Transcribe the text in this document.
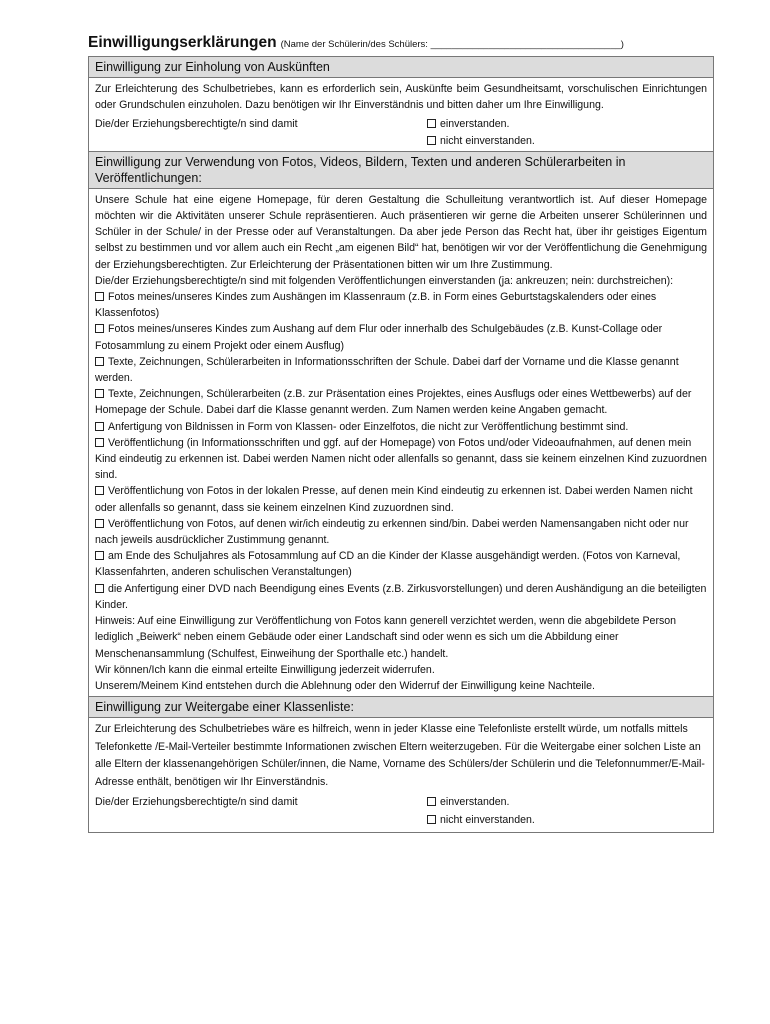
Einwilligungserklärungen (Name der Schülerin/des Schülers: ____________________________________)
Einwilligung zur Einholung von Auskünften

Zur Erleichterung des Schulbetriebes, kann es erforderlich sein, Auskünfte beim Gesundheitsamt, vorschulischen Einrichtungen oder Grundschulen einzuholen. Dazu benötigen wir Ihr Einverständnis und bitten daher um Ihre Einwilligung.

Die/der Erziehungsberechtigte/n sind damit	einverstanden.
nicht einverstanden.
Einwilligung zur Verwendung von Fotos, Videos, Bildern, Texten und anderen Schülerarbeiten in Veröffentlichungen:

Unsere Schule hat eine eigene Homepage, für deren Gestaltung die Schulleitung verantwortlich ist. Auf dieser Homepage möchten wir die Aktivitäten unserer Schule repräsentieren. Auch präsentieren wir gerne die Arbeiten unserer Schülerinnen und Schüler in der Schule/ in der Presse oder auf Veranstaltungen. Da aber jede Person das Recht hat, über ihr geistiges Eigentum selbst zu bestimmen und vor allem auch ein Recht „am eigenen Bild“ hat, benötigen wir vor der Veröffentlichung die Genehmigung der Erziehungsberechtigten. Zur Erleichterung der Präsentationen bitten wir um Ihre Zustimmung.

Die/der Erziehungsberechtigte/n sind mit folgenden Veröffentlichungen einverstanden (ja: ankreuzen; nein: durchstreichen):

Fotos meines/unseres Kindes zum Aushängen im Klassenraum (z.B. in Form eines Geburtstagskalenders oder eines Klassenfotos)

Fotos meines/unseres Kindes zum Aushang auf dem Flur oder innerhalb des Schulgebäudes (z.B. Kunst-Collage oder Fotosammlung zu einem Projekt oder einem Ausflug)

Texte, Zeichnungen, Schülerarbeiten in Informationsschriften der Schule. Dabei darf der Vorname und die Klasse genannt werden.

Texte, Zeichnungen, Schülerarbeiten (z.B. zur Präsentation eines Projektes, eines Ausflugs oder eines Wettbewerbs) auf der Homepage der Schule. Dabei darf die Klasse genannt werden. Zum Namen werden keine Angaben gemacht.

Anfertigung von Bildnissen in Form von Klassen- oder Einzelfotos, die nicht zur Veröffentlichung bestimmt sind.

Veröffentlichung (in Informationsschriften und ggf. auf der Homepage) von Fotos und/oder Videoaufnahmen, auf denen mein Kind eindeutig zu erkennen ist. Dabei werden Namen nicht oder allenfalls so genannt, dass sie keinem einzelnen Kind zuzuordnen sind.

Veröffentlichung von Fotos in der lokalen Presse, auf denen mein Kind eindeutig zu erkennen ist. Dabei werden Namen nicht oder allenfalls so genannt, dass sie keinem einzelnen Kind zuzuordnen sind.

Veröffentlichung von Fotos, auf denen wir/ich eindeutig zu erkennen sind/bin. Dabei werden Namensangaben nicht oder nur nach jeweils ausdrücklicher Zustimmung genannt.

am Ende des Schuljahres als Fotosammlung auf CD an die Kinder der Klasse ausgehändigt werden. (Fotos von Karneval, Klassenfahrten, anderen schulischen Veranstaltungen)

die Anfertigung einer DVD nach Beendigung eines Events (z.B. Zirkusvorstellungen) und deren Aushändigung an die beteiligten Kinder.

Hinweis: Auf eine Einwilligung zur Veröffentlichung von Fotos kann generell verzichtet werden, wenn die abgebildete Person lediglich „Beiwerk“ neben einem Gebäude oder einer Landschaft sind oder wenn es sich um die Abbildung einer Menschenansammlung (Schulfest, Einweihung der Sporthalle etc.) handelt.

Wir können/Ich kann die einmal erteilte Einwilligung jederzeit widerrufen.

Unserem/Meinem Kind entstehen durch die Ablehnung oder den Widerruf der Einwilligung keine Nachteile.

Einwilligung zur Weitergabe einer Klassenliste:

Zur Erleichterung des Schulbetriebes wäre es hilfreich, wenn in jeder Klasse eine Telefonliste erstellt würde, um notfalls mittels Telefonkette /E-Mail-Verteiler bestimmte Informationen zwischen Eltern weiterzugeben. Für die Weitergabe einer solchen Liste an alle Eltern der klassenangehörigen Schüler/innen, die Name, Vorname des Schülers/der Schülerin und die Telefonnummer/E-Mail-Adresse enthält, benötigen wir Ihr Einverständnis.

Die/der Erziehungsberechtigte/n sind damit	einverstanden.
nicht einverstanden.
